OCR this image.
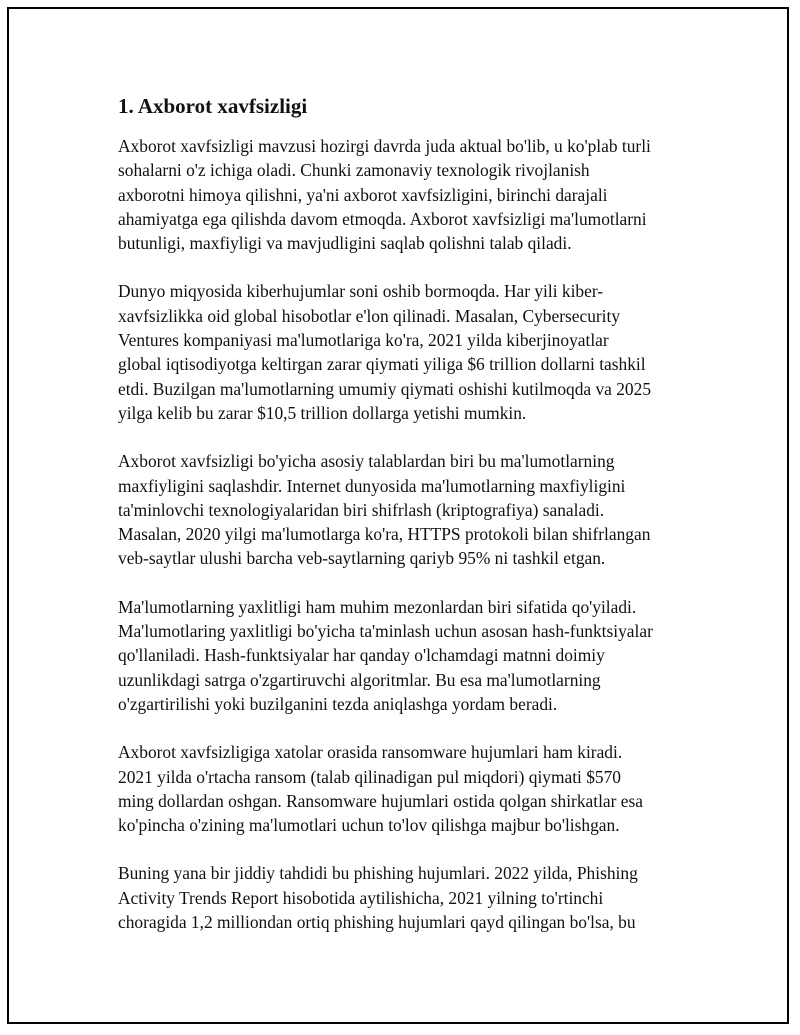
1. Axborot xavfsizligi
Axborot xavfsizligi mavzusi hozirgi davrda juda aktual bo'lib, u ko'plab turli
sohalarni o'z ichiga oladi. Chunki zamonaviy texnologik rivojlanish
axborotni himoya qilishni, ya'ni axborot xavfsizligini, birinchi darajali
ahamiyatga ega qilishda davom etmoqda. Axborot xavfsizligi ma'lumotlarni
butunligi, maxfiyligi va mavjudligini saqlab qolishni talab qiladi.
Dunyo miqyosida kiberhujumlar soni oshib bormoqda. Har yili kiber-
xavfsizlikka oid global hisobotlar e'lon qilinadi. Masalan, Cybersecurity
Ventures kompaniyasi ma'lumotlariga ko'ra, 2021 yilda kiberjinoyatlar
global iqtisodiyotga keltirgan zarar qiymati yiliga $6 trillion dollarni tashkil
etdi. Buzilgan ma'lumotlarning umumiy qiymati oshishi kutilmoqda va 2025
yilga kelib bu zarar $10,5 trillion dollarga yetishi mumkin.
Axborot xavfsizligi bo'yicha asosiy talablardan biri bu ma'lumotlarning
maxfiyligini saqlashdir. Internet dunyosida ma'lumotlarning maxfiyligini
ta'minlovchi texnologiyalaridan biri shifrlash (kriptografiya) sanaladi.
Masalan, 2020 yilgi ma'lumotlarga ko'ra, HTTPS protokoli bilan shifrlangan
veb-saytlar ulushi barcha veb-saytlarning qariyb 95% ni tashkil etgan.
Ma'lumotlarning yaxlitligi ham muhim mezonlardan biri sifatida qo'yiladi.
Ma'lumotlaring yaxlitligi bo'yicha ta'minlash uchun asosan hash-funktsiyalar
qo'llaniladi. Hash-funktsiyalar har qanday o'lchamdagi matnni doimiy
uzunlikdagi satrga o'zgartiruvchi algoritmlar. Bu esa ma'lumotlarning
o'zgartirilishi yoki buzilganini tezda aniqlashga yordam beradi.
Axborot xavfsizligiga xatolar orasida ransomware hujumlari ham kiradi.
2021 yilda o'rtacha ransom (talab qilinadigan pul miqdori) qiymati $570
ming dollardan oshgan. Ransomware hujumlari ostida qolgan shirkatlar esa
ko'pincha o'zining ma'lumotlari uchun to'lov qilishga majbur bo'lishgan.
Buning yana bir jiddiy tahdidi bu phishing hujumlari. 2022 yilda, Phishing
Activity Trends Report hisobotida aytilishicha, 2021 yilning to'rtinchi
choragida 1,2 milliondan ortiq phishing hujumlari qayd qilingan bo'lsa, bu
